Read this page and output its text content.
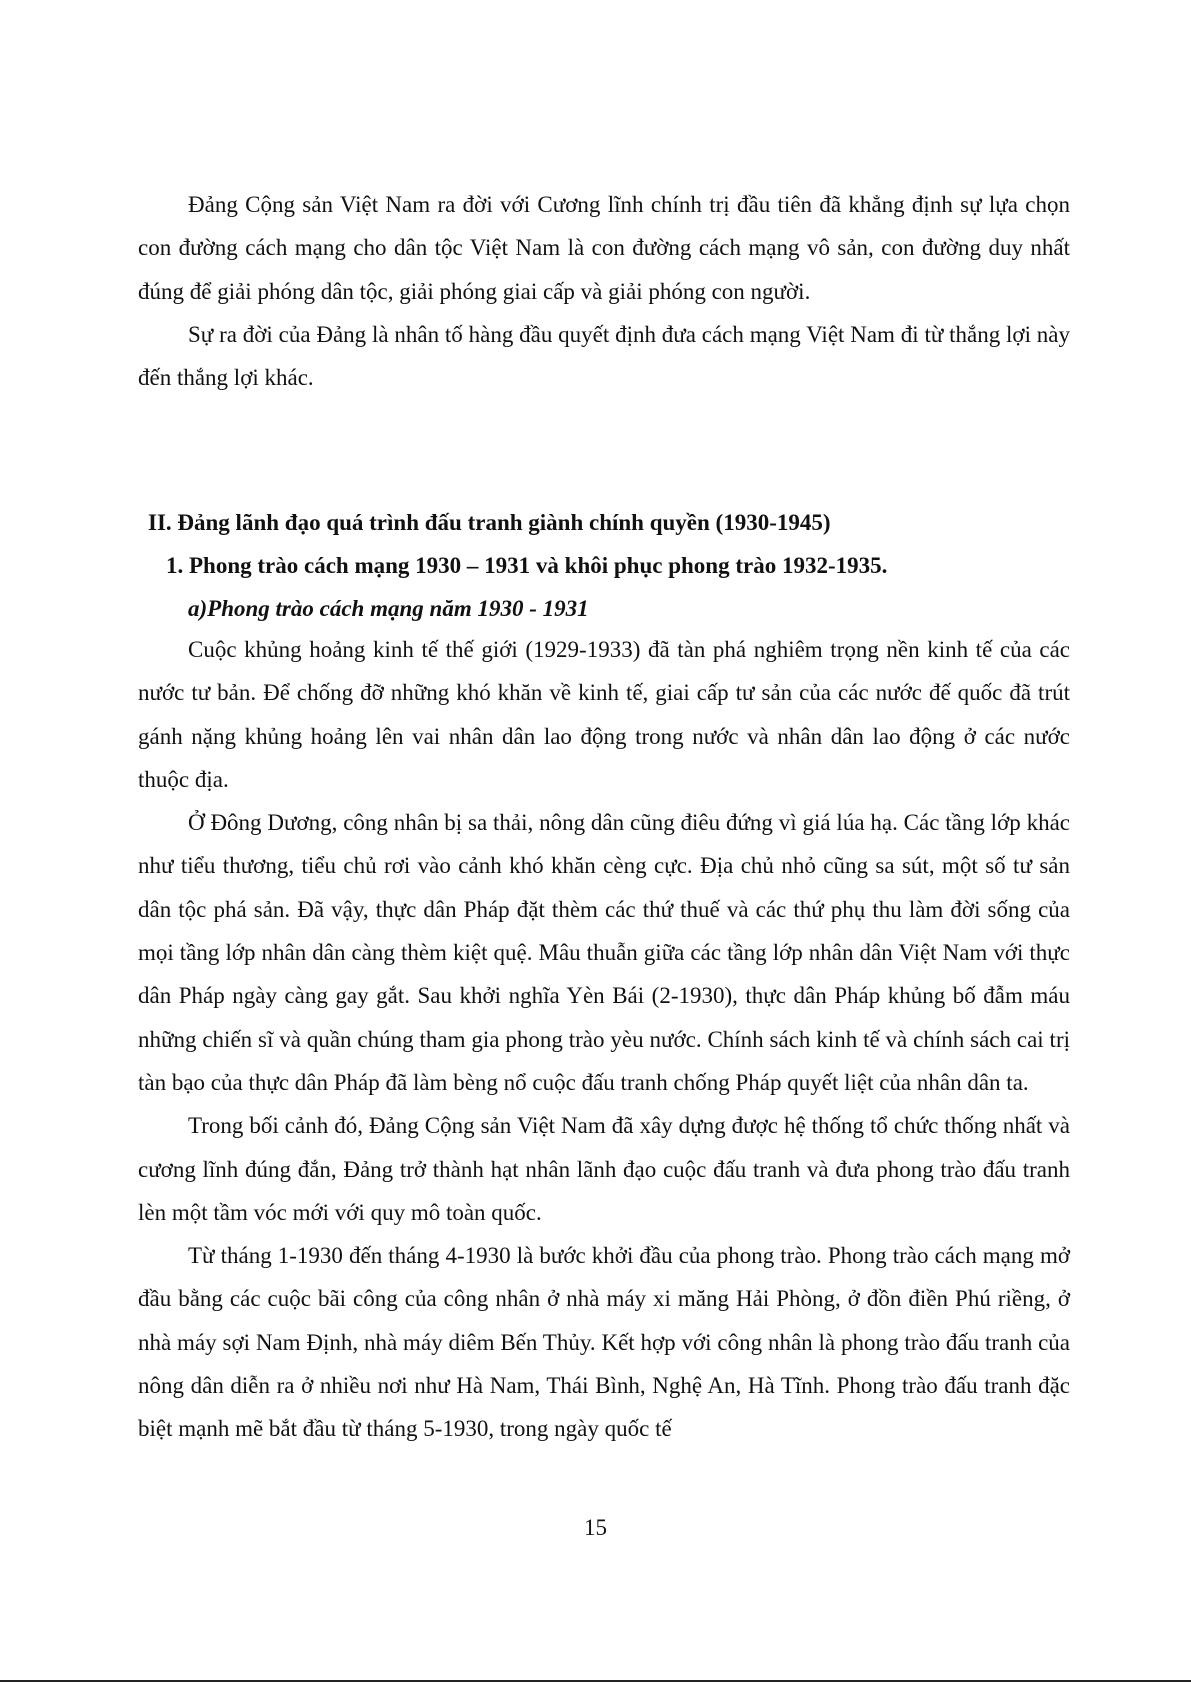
Đảng Cộng sản Việt Nam ra đời với Cương lĩnh chính trị đầu tiên đã khẳng định sự lựa chọn con đường cách mạng cho dân tộc Việt Nam là con đường cách mạng vô sản, con đường duy nhất đúng để giải phóng dân tộc, giải phóng giai cấp và giải phóng con người.

Sự ra đời của Đảng là nhân tố hàng đầu quyết định đưa cách mạng Việt Nam đi từ thắng lợi này đến thắng lợi khác.

II. Đảng lãnh đạo quá trình đấu tranh giành chính quyền (1930-1945)
1. Phong trào cách mạng 1930 – 1931 và khôi phục phong trào 1932-1935.
a)Phong trào cách mạng năm 1930 - 1931

Cuộc khủng hoảng kinh tế thế giới (1929-1933) đã tàn phá nghiêm trọng nền kinh tế của các nước tư bản. Để chống đỡ những khó khăn về kinh tế, giai cấp tư sản của các nước đế quốc đã trút gánh nặng khủng hoảng lên vai nhân dân lao động trong nước và nhân dân lao động ở các nước thuộc địa.

Ở Đông Dương, công nhân bị sa thải, nông dân cũng điêu đứng vì giá lúa hạ. Các tầng lớp khác như tiểu thương, tiểu chủ rơi vào cảnh khó khăn cèng cực. Địa chủ nhỏ cũng sa sút, một số tư sản dân tộc phá sản. Đã vậy, thực dân Pháp đặt thèm các thứ thuế và các thứ phụ thu làm đời sống của mọi tầng lớp nhân dân càng thèm kiệt quệ. Mâu thuẫn giữa các tầng lớp nhân dân Việt Nam với thực dân Pháp ngày càng gay gắt. Sau khởi nghĩa Yèn Bái (2-1930), thực dân Pháp khủng bố đẫm máu những chiến sĩ và quần chúng tham gia phong trào yèu nước. Chính sách kinh tế và chính sách cai trị tàn bạo của thực dân Pháp đã làm bèng nổ cuộc đấu tranh chống Pháp quyết liệt của nhân dân ta.

Trong bối cảnh đó, Đảng Cộng sản Việt Nam đã xây dựng được hệ thống tổ chức thống nhất và cương lĩnh đúng đắn, Đảng trở thành hạt nhân lãnh đạo cuộc đấu tranh và đưa phong trào đấu tranh lèn một tầm vóc mới với quy mô toàn quốc.

Từ tháng 1-1930 đến tháng 4-1930 là bước khởi đầu của phong trào. Phong trào cách mạng mở đầu bằng các cuộc bãi công của công nhân ở nhà máy xi măng Hải Phòng, ở đồn điền Phú riềng, ở nhà máy sợi Nam Định, nhà máy diêm Bến Thủy. Kết hợp với công nhân là phong trào đấu tranh của nông dân diễn ra ở nhiều nơi như Hà Nam, Thái Bình, Nghệ An, Hà Tĩnh. Phong trào đấu tranh đặc biệt mạnh mẽ bắt đầu từ tháng 5-1930, trong ngày quốc tế

15
